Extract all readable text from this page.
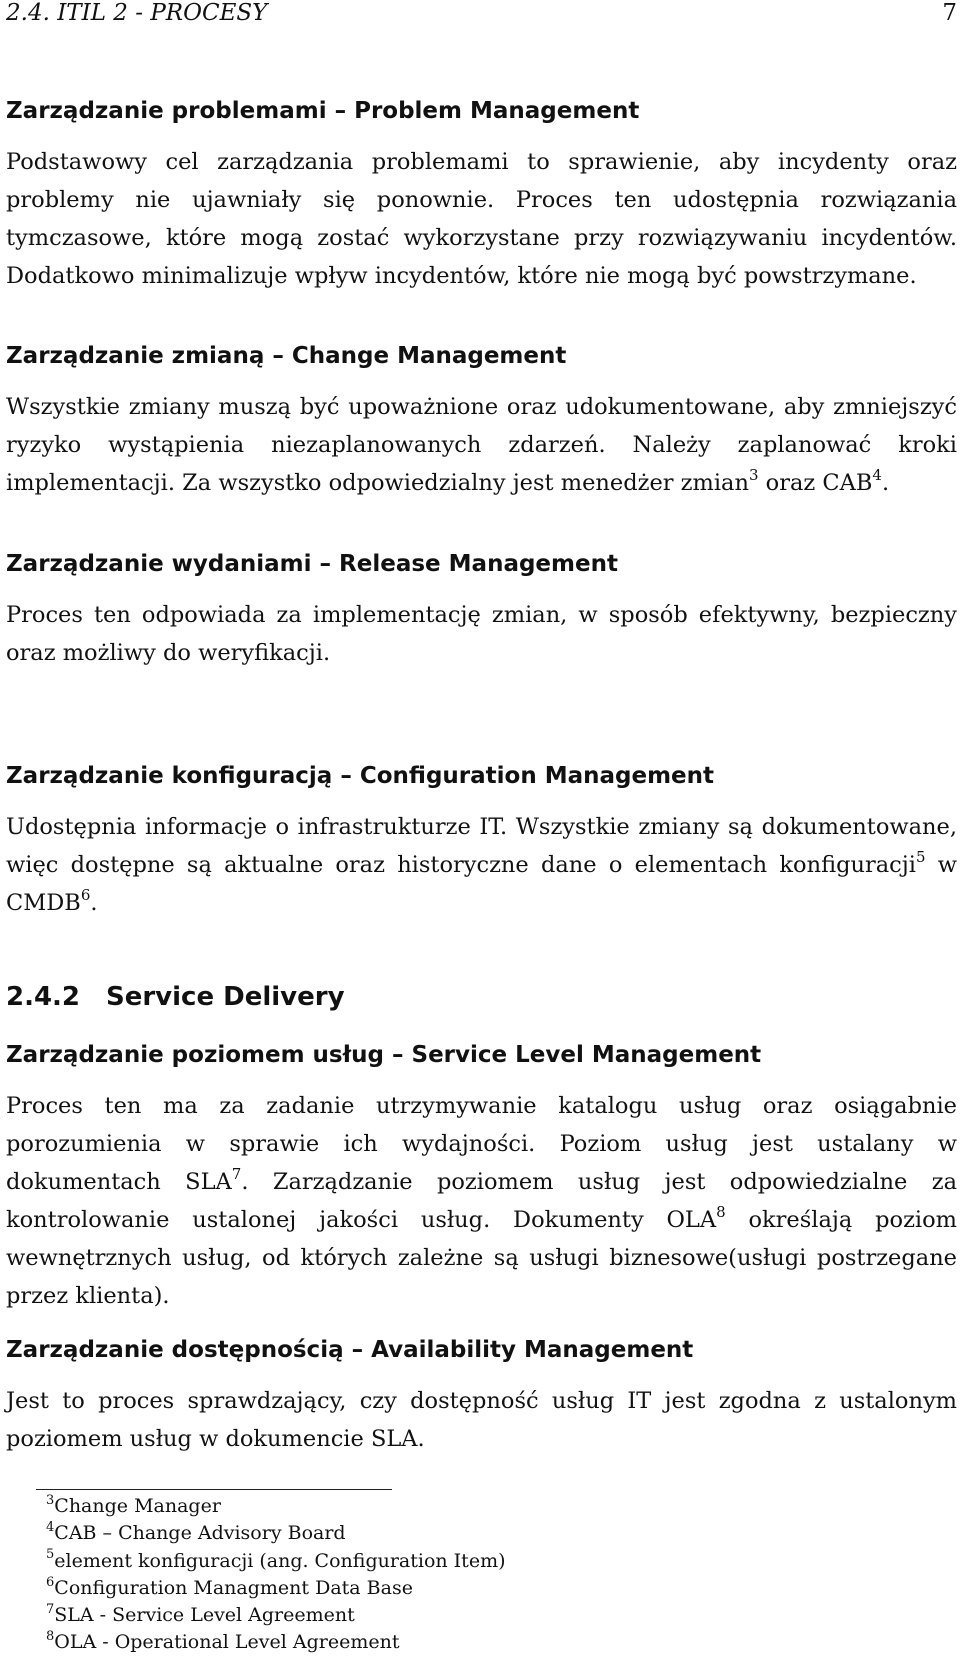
2.4. ITIL 2 - PROCESY	7
Zarządzanie problemami – Problem Management

Podstawowy cel zarządzania problemami to sprawienie, aby incydenty oraz problemy nie ujawniały się ponownie. Proces ten udostępnia rozwiązania tymczasowe, które mogą zostać wykorzystane przy rozwiązywaniu incydentów. Dodatkowo minimalizuje wpływ incydentów, które nie mogą być powstrzymane.

Zarządzanie zmianą – Change Management

Wszystkie zmiany muszą być upoważnione oraz udokumentowane, aby zmniejszyć ryzyko wystąpienia niezaplanowanych zdarzeń. Należy zaplanować kroki implementacji. Za wszystko odpowiedzialny jest menedżer zmian$^3$ oraz CAB$^4$.

Zarządzanie wydaniami – Release Management

Proces ten odpowiada za implementację zmian, w sposób efektywny, bezpieczny oraz możliwy do weryfikacji.

Zarządzanie konfiguracją – Configuration Management

Udostępnia informacje o infrastrukturze IT. Wszystkie zmiany są dokumentowane, więc dostępne są aktualne oraz historyczne dane o elementach konfiguracji$^5$ w CMDB$^6$.

2.4.2 Service Delivery
Zarządzanie poziomem usług – Service Level Management

Proces ten ma za zadanie utrzymywanie katalogu usług oraz osiągabnie porozumienia w sprawie ich wydajności. Poziom usług jest ustalany w dokumentach SLA$^7$. Zarządzanie poziomem usług jest odpowiedzialne za kontrolowanie ustalonej jakości usług. Dokumenty OLA$^8$ określają poziom wewnętrznych usług, od których zależne są usługi biznesowe(usługi postrzegane przez klienta).

Zarządzanie dostępnością – Availability Management

Jest to proces sprawdzający, czy dostępność usług IT jest zgodna z ustalonym poziomem usług w dokumencie SLA.

$^3$Change Manager
$^4$CAB – Change Advisory Board
$^5$element konfiguracji (ang. Configuration Item)
$^6$Configuration Managment Data Base
$^7$SLA - Service Level Agreement
$^8$OLA - Operational Level Agreement
